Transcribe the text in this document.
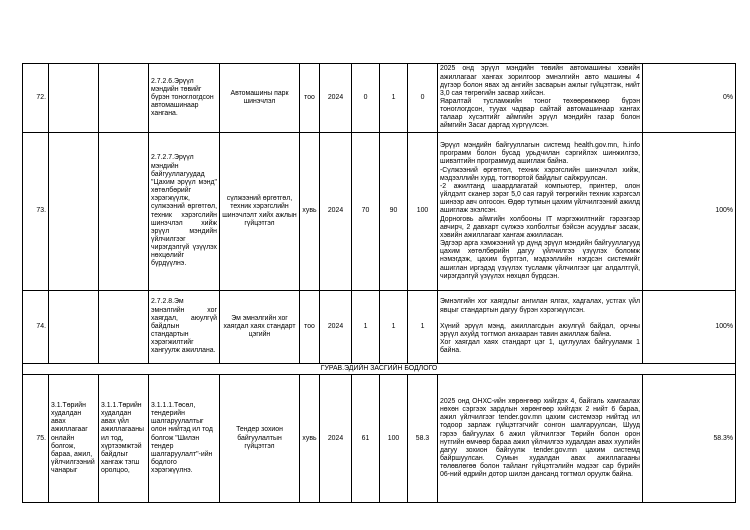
72.			2.7.2.6.Эрүүл мэндийн төвийг бүрэн тоноглогдсон автомашинаар хангана.	Автомашины парк шинэчлэл	тоо	2024	0	1	0	2025 онд эрүүл мэндийн төвийн автомашины хэвийн ажиллагааг хангах зорилгоор эмнэлгийн авто машины 4 дүгээр болон явах эд ангийн засварын ажлыг гүйцэтгэж, нийт 3,0 сая төгрөгийн засвар хийсэн.
Яаралтай тусламжийн тоног төхөөрөмжөөр бүрэн тоноглогдсон, тууах чадвар сайтай автомашинаар хангах талаар хүсэлтийг аймгийн эрүүл мэндийн газар болон аймгийн Засаг даргад хүргүүлсэн.	0%
73.			2.7.2.7.Эрүүл мэндийн байгууллагуудад "Цахим эрүүл мэнд" хөтөлбөрийг хэрэгжүүлж, сулжээний өргөтгөл, техник хэрэгслийн шинэчлэл хийж эрүүл мэндийн үйлчилгээг чирэгдэлгүй үзүүлэх нөхцөлийг бүрдүүлнэ.	сүлжээний өргөтгөл, техник хэрэгслийн шинэчлэлт хийх ажлын гүйцэтгэл	хувь	2024	70	90	100	Эрүүл мэндийн байгууллагын системд health.gov.mn, h.info программ болон бусад урьдчилан сэргийлэх шинжилгээ, шивэлтийн программуд ашиглаж байна.
-Сүлжээний өргөтгөл, техник хэрэгслийн шинэчлэл хийж, мэдээллийн хурд, тогтвортой байдлыг сайжруулсан.
-2 ажилтанд шаардлагатай компьютер, принтер, олон үйлдэлт сканер зэрэг 5,0 сая гаруй төгрөгийн техник хэрэгсэл шинээр авч олгосон. Өдөр тутмын цахим үйлчилгээний ажилд ашиглаж эхэлсэн.
Дорноговь аймгийн холбооны IT мэргэжилтнийг гэрээгээр авчирч, 2 давхарт сүлжээ холболтыг бэйсэн асуудлыг засаж, хэвийн ажиллагааг хангаж ажилласан.
Эдгээр арга хэмжээний үр дүнд эрүүл мэндийн байгууллагууд цахим хөтөлбөрийн дагуу үйлчилгээ үзүүлэх боломж нэмэгдэж, цахим бүртгэл, мэдээллийн нэгдсэн системийг ашиглан иргэдэд үзүүлэх тусламж үйлчилгээг цаг алдалтгүй, чирэгдэлгүй үзүүлэх нөхцөл бүрдсэн.	100%
74.			2.7.2.8.Эм эмнэлгийн хог хаягдал, аюулгүй байдлын стандартын хэрэгжилтийг хангуулж ажиллана.	Эм эмнэлгийн хог хаягдал хаях стандарт цэгийн	тоо	2024	1	1	1	Эмнэлгийн хог хаягдлыг ангилан ялгах, хадгалах, устгах үйл явцыг стандартын дагуу бүрэн хэрэгжүүлсэн.

Хүний эрүүл мэнд, ажиллагсдын аюулгүй байдал, орчны эрүүл ахуйд тогтмол анхааран тавин ажиллаж байна.
Хог хаягдал хаях стандарт цэг 1, цуглуулах байгууламж 1 байна.	100%
ГУРАВ.ЭДИЙН ЗАСГИЙН БОДЛОГО											
75.	3.1.Төрийн худалдан авах ажиллагааг онлайн болгож, бараа, ажил, үйлчилгээний чанарыг	3.1.1.Төрийн худалдан авах үйл ажиллагааны ил тод, хүртээмжтэй байдлыг хангаж тэгш оролцоо,	3.1.1.1.Төсөл, тендерийн шалгаруулалтыг олон нийтэд ил тод болгож "Шилэн тендер шалгаруулалт"-ийн бодлого хэрэгжүүлнэ.	Тендер зохион байгуулалтын гүйцэтгэл	хувь	2024	61	100	58.3	2025 онд ОНХС-ийн хөрөнгөөр хийгдэх 4, байгаль хамгаалах нөхөн сэргээх зардлын хөрөнгөөр хийгдэх 2 нийт 6 бараа, ажил үйлчилгээг tender.gov.mn цахим системээр нийтэд ил тодоор зарлаж гүйцэтгэгчийг сонгон шалгаруулсан, Шууд гэрээ байгуулах 6 ажил үйлчилгээг Төрийн болон орон нутгийн өмчөөр бараа ажил үйлчилгээ худалдан авах хуулийн дагуу зохион байгуулж tender.gov.mn цахим системд байршуулсан. Сумын худалдан авах ажиллагааны төлөвлөгөө болон тайланг гүйцэтгэлийн мэдээг сар бүрийн 06-ний өдрийн дотор шилэн дансанд тогтмол оруулж байна.	58.3%
